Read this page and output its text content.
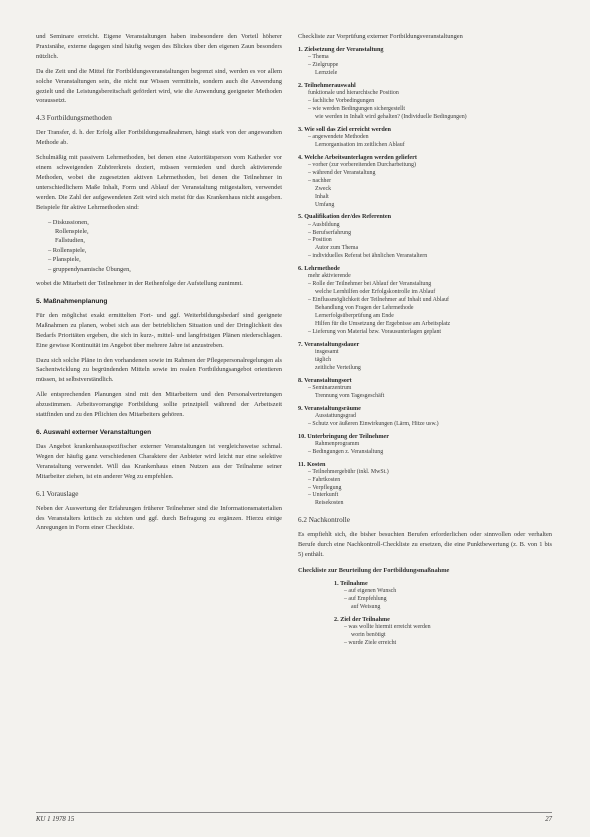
und Seminare erreicht. Eigene Veranstaltungen haben insbesondere den Vorteil höherer Praxisnähe, externe dagegen sind häufig wegen des Blickes über den eigenen Zaun besonders nützlich.

Da die Zeit und die Mittel für Fortbildungsveranstaltungen begrenzt sind, werden es vor allem solche Veranstaltungen sein, die nicht nur Wissen vermitteln, sondern auch die Anwendung gezielt und die Leistungsbereitschaft gefördert wird, wie die Anwendung geeigneter Methoden voraussetzt.

4.3 Fortbildungsmethoden

Der Transfer, d. h. der Erfolg aller Fortbildungsmaßnahmen, hängt stark von der angewandten Methode ab.

Schulmäßig mit passivem Lehrmethoden, bei denen eine Autoritätsperson vom Katheder vor einem schweigenden Zuhörerkreis doziert, müssen vermieden und durch aktivierende Methoden, wobei die zugesetzten aktiven Lehrmethoden, bei denen die Teilnehmer in unterschiedlichem Maße Inhalt, Form und Ablauf der Veranstaltung mitgestalten, verwendet werden. Die Zahl der aufgewendeten Zeit wird sich meist für das Krankenhaus nicht ausgeben. Beispiele für aktive Lehrmethoden sind:

– Diskussionen,
Rollenspiele,
Fallstudien,
– Rollenspiele,
– Planspiele,
– gruppendynamische Übungen,

wobei die Mitarbeit der Teilnehmer in der Reihenfolge der Aufstellung zunimmt.

5. Maßnahmenplanung

Für den möglichst exakt ermittelten Fort- und ggf. Weiterbildungsbedarf sind geeignete Maßnahmen zu planen, wobei sich aus der betrieblichen Situation und der Dringlichkeit des Bedarfs Prioritäten ergeben, die sich in kurz-, mittel- und langfristigen Plänen niederschlagen. Eine gewisse Kontinuität im Angebot über mehrere Jahre ist anzustreben.

Dazu sich solche Pläne in den vorhandenen sowie im Rahmen der Pflegepersonalregelungen als Sachentwicklung zu begründenden Mitteln sowie im realen Fortbildungsangebot orientieren müssen, ist selbstverständlich.

Alle entsprechenden Planungen sind mit den Mitarbeitern und den Personalvertretungen abzustimmen. Arbeitsvorrangige Fortbildung sollte prinzipiell während der Arbeitszeit stattfinden und zu den Pflichten des Mitarbeiters gehören.

6. Auswahl externer Veranstaltungen

Das Angebot krankenhausspezifischer externer Veranstaltungen ist vergleichsweise schmal. Wegen der häufig ganz verschiedenen Charaktere der Anbieter wird leicht nur eine selektive Veranstaltung verwendet. Will das Krankenhaus einen Nutzen aus der Teilnahme seiner Mitarbeiter ziehen, ist ein anderer Weg zu empfehlen.

6.1 Vorauslage

Neben der Auswertung der Erfahrungen früherer Teilnehmer sind die Informationsmaterialien des Veranstalters kritisch zu sichten und ggf. durch Befragung zu ergänzen. Hierzu einige Anregungen in Form einer Checkliste.

Checkliste zur Vorprüfung externer Fortbildungsveranstaltungen
1. Zielsetzung der Veranstaltung
– Thema
– Zielgruppe
Lernziele
2. Teilnehmerauswahl
funktionale und hierarchische Position
– fachliche Vorbedingungen
– wie werden Bedingungen sichergestellt
wie werden in Inhalt wird gehalten? (Individuelle Bedingungen)
3. Wie soll das Ziel erreicht werden
– angewendete Methoden
Lernorganisation im zeitlichen Ablauf
4. Welche Arbeitsunterlagen werden geliefert
– vorher (zur vorbereitenden Durcharbeitung)
– während der Veranstaltung
– nachher
Zweck
Inhalt
Umfang
5. Qualifikation der/des Referenten
– Ausbildung
– Berufserfahrung
– Position
Autor zum Thema
– individuelles Referat bei ähnlichen Veranstaltern
6. Lehrmethode
mehr aktivierende
– Rolle der Teilnehmer bei Ablauf der Veranstaltung
welche Lernhilfen oder Erfolgskontrolle im Ablauf
– Einflussmöglichkeit der Teilnehmer auf Inhalt und Ablauf
Behandlung von Fragen der Lehrmethode
Lernerfolgsüberprüfung am Ende
Hilfen für die Umsetzung der Ergebnisse am Arbeitsplatz
– Lieferung von Material bzw. Vorausunterlagen geplant
7. Veranstaltungsdauer
insgesamt
täglich
zeitliche Verteilung
8. Veranstaltungsort
– Seminarzentrum
Trennung vom Tagesgeschäft
9. Veranstaltungsräume
Ausstattungsgrad
– Schutz vor äußeren Einwirkungen (Lärm, Hitze usw.)
10. Unterbringung der Teilnehmer
Rahmenprogramm
– Bedingungen z. Veranstaltung
11. Kosten
– Teilnehmergebühr (inkl. MwSt.)
– Fahrtkosten
– Verpflegung
– Unterkunft
Reisekosten
6.2 Nachkontrolle

Es empfiehlt sich, die bisher besuchten Berufen erforderlichen oder sinnvollen oder verhalten Berufe durch eine Nachkontroll-Checkliste zu ersetzen, die eine Punktbewertung (z. B. von 1 bis 5) enthält.

Checkliste zur Beurteilung der Fortbildungsmaßnahme
1. Teilnahme
– auf eigenen Wunsch
– auf Empfehlung
auf Weisung
2. Ziel der Teilnahme
– was wollte hiermit erreicht werden
worin benötigt
– wurde Ziele erreicht
KU 1 1978 15	27
